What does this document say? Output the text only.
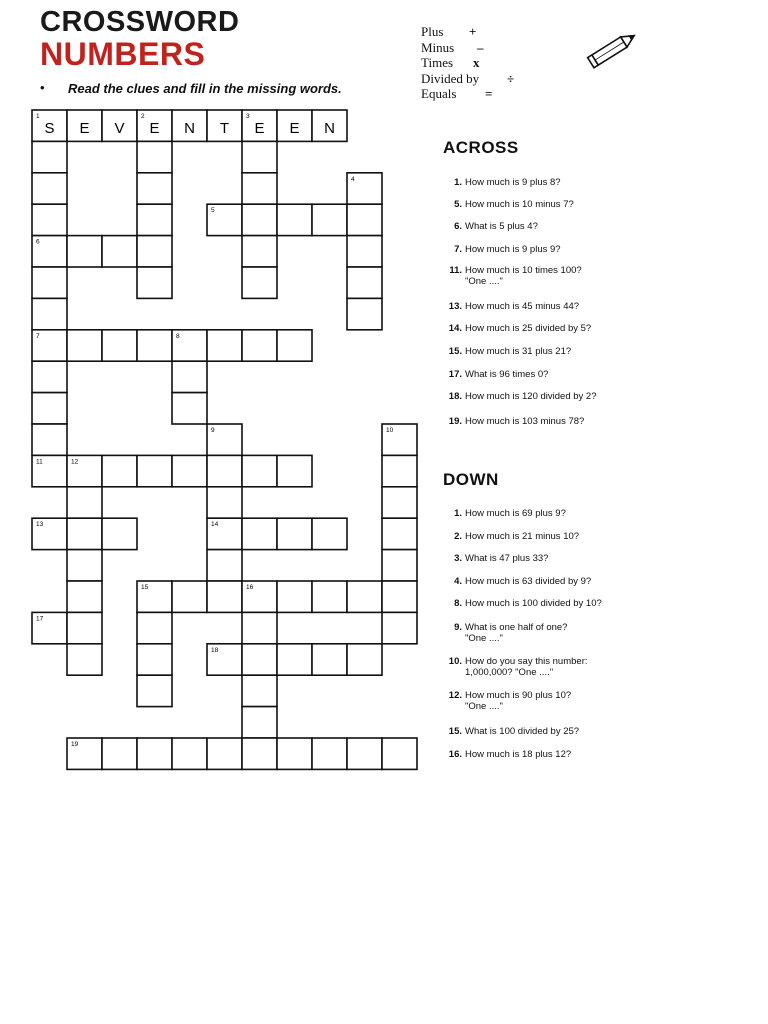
CROSSWORD
NUMBERS
• Read the clues and fill in the missing words.
Plus	+
Minus	–
Times	x
Divided by	÷
Equals	=
1	2	3
4
5
6
7	8
9	10
11	12
13	14
15	16
17
18
19
S E V E N T E E N
ACROSS
1. How much is 9 plus 8?
5. How much is 10 minus 7?
6. What is 5 plus 4?
7. How much is 9 plus 9?
11. How much is 10 times 100?
"One ...."
13. How much is 45 minus 44?
14. How much is 25 divided by 5?
15. How much is 31 plus 21?
17. What is 96 times 0?
18. How much is 120 divided by 2?
19. How much is 103 minus 78?
DOWN
1. How much is 69 plus 9?
2. How much is 21 minus 10?
3. What is 47 plus 33?
4. How much is 63 divided by 9?
8. How much is 100 divided by 10?
9. What is one half of one?
"One ...."
10. How do you say this number:
1,000,000? "One ...."
12. How much is 90 plus 10?
"One ...."
15. What is 100 divided by 25?
16. How much is 18 plus 12?
